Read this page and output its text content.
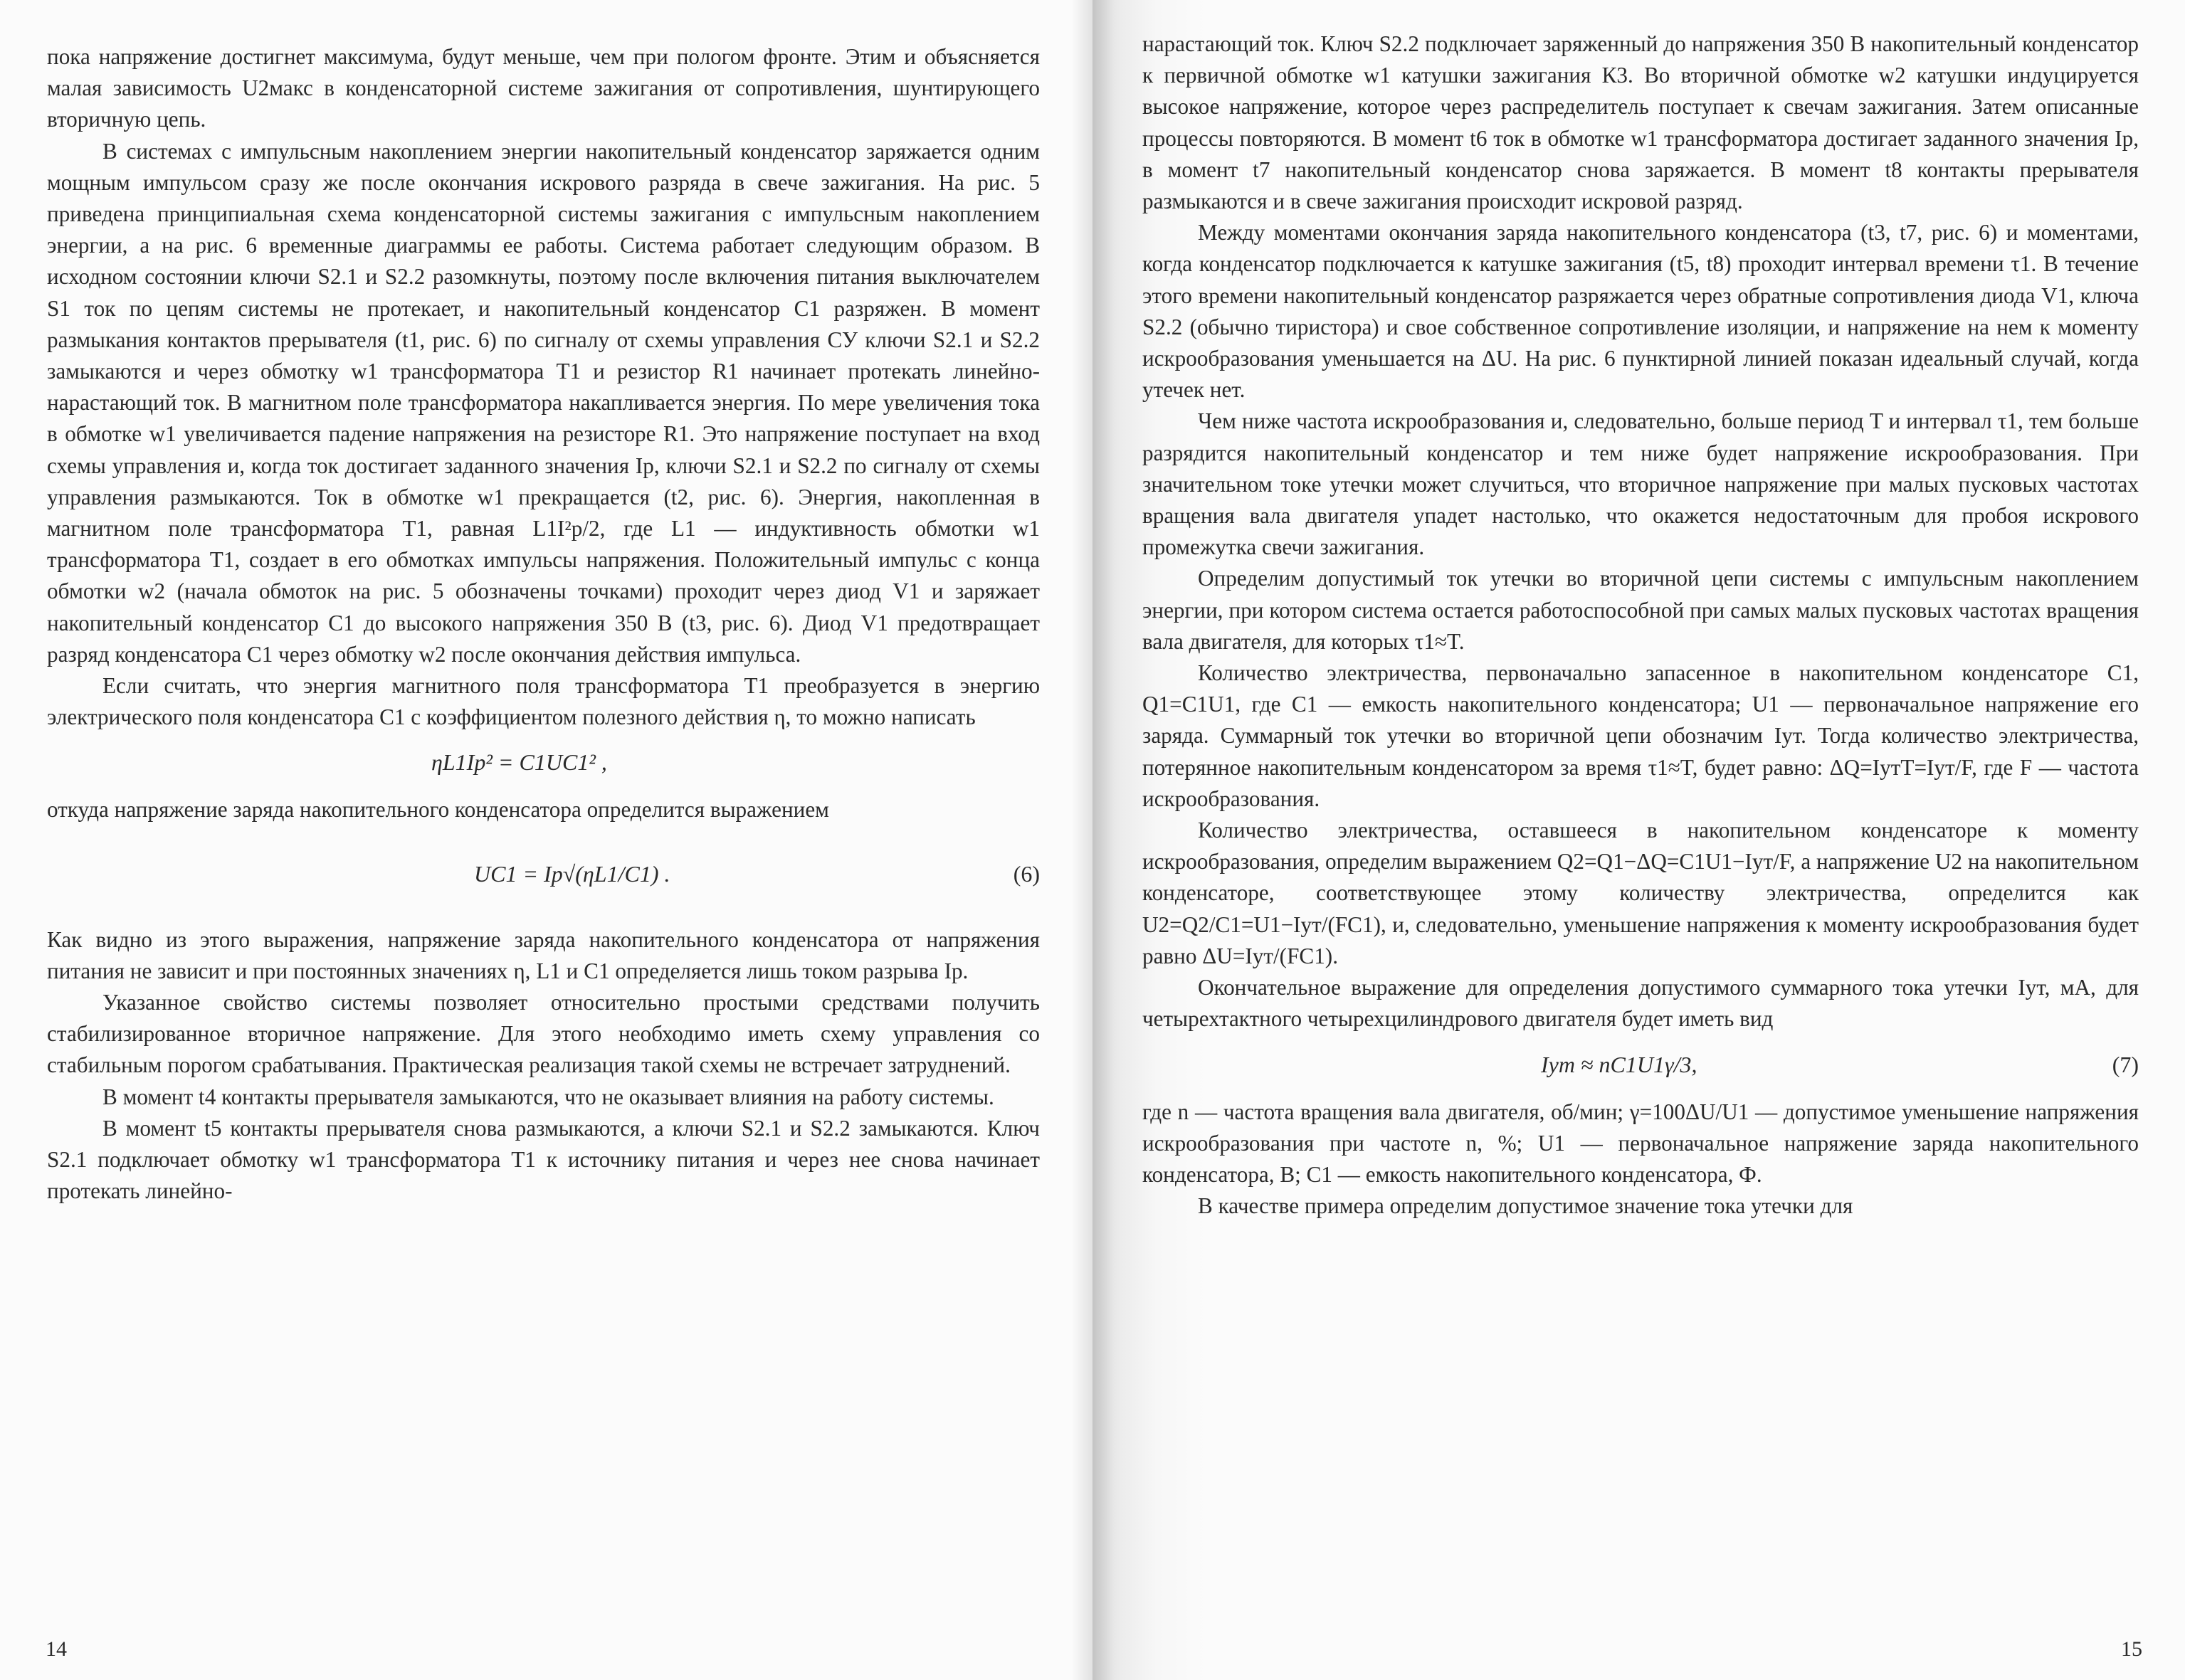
пока напряжение достигнет максимума, будут меньше, чем при пологом фронте. Этим и объясняется малая зависимость U2макс в конденсаторной системе зажигания от сопротивления, шунтирующего вторичную цепь.

В системах с импульсным накоплением энергии накопительный конденсатор заряжается одним мощным импульсом сразу же после окончания искрового разряда в свече зажигания. На рис. 5 приведена принципиальная схема конденсаторной системы зажигания с импульсным накоплением энергии, а на рис. 6 временные диаграммы ее работы. Система работает следующим образом. В исходном состоянии ключи S2.1 и S2.2 разомкнуты, поэтому после включения питания выключателем S1 ток по цепям системы не протекает, и накопительный конденсатор C1 разряжен. В момент размыкания контактов прерывателя (t1, рис. 6) по сигналу от схемы управления СУ ключи S2.1 и S2.2 замыкаются и через обмотку w1 трансформатора T1 и резистор R1 начинает протекать линейно-нарастающий ток. В магнитном поле трансформатора накапливается энергия. По мере увеличения тока в обмотке w1 увеличивается падение напряжения на резисторе R1. Это напряжение поступает на вход схемы управления и, когда ток достигает заданного значения Iр, ключи S2.1 и S2.2 по сигналу от схемы управления размыкаются. Ток в обмотке w1 прекращается (t2, рис. 6). Энергия, накопленная в магнитном поле трансформатора T1, равная L1I²р/2, где L1 — индуктивность обмотки w1 трансформатора T1, создает в его обмотках импульсы напряжения. Положительный импульс с конца обмотки w2 (начала обмоток на рис. 5 обозначены точками) проходит через диод V1 и заряжает накопительный конденсатор C1 до высокого напряжения 350 В (t3, рис. 6). Диод V1 предотвращает разряд конденсатора C1 через обмотку w2 после окончания действия импульса.

Если считать, что энергия магнитного поля трансформатора T1 преобразуется в энергию электрического поля конденсатора C1 с коэффициентом полезного действия η, то можно написать

ηL1Iр² = C1UC1² ,

откуда напряжение заряда накопительного конденсатора определится выражением

UC1 = Iр√(ηL1/C1) .	(6)

Как видно из этого выражения, напряжение заряда накопительного конденсатора от напряжения питания не зависит и при постоянных значениях η, L1 и C1 определяется лишь током разрыва Iр.

Указанное свойство системы позволяет относительно простыми средствами получить стабилизированное вторичное напряжение. Для этого необходимо иметь схему управления со стабильным порогом срабатывания. Практическая реализация такой схемы не встречает затруднений.

В момент t4 контакты прерывателя замыкаются, что не оказывает влияния на работу системы.

В момент t5 контакты прерывателя снова размыкаются, а ключи S2.1 и S2.2 замыкаются. Ключ S2.1 подключает обмотку w1 трансформатора T1 к источнику питания и через нее снова начинает протекать линейно-

14

нарастающий ток. Ключ S2.2 подключает заряженный до напряжения 350 В накопительный конденсатор к первичной обмотке w1 катушки зажигания К3. Во вторичной обмотке w2 катушки индуцируется высокое напряжение, которое через распределитель поступает к свечам зажигания. Затем описанные процессы повторяются. В момент t6 ток в обмотке w1 трансформатора достигает заданного значения Iр, в момент t7 накопительный конденсатор снова заряжается. В момент t8 контакты прерывателя размыкаются и в свече зажигания происходит искровой разряд.

Между моментами окончания заряда накопительного конденсатора (t3, t7, рис. 6) и моментами, когда конденсатор подключается к катушке зажигания (t5, t8) проходит интервал времени τ1. В течение этого времени накопительный конденсатор разряжается через обратные сопротивления диода V1, ключа S2.2 (обычно тиристора) и свое собственное сопротивление изоляции, и напряжение на нем к моменту искрообразования уменьшается на ΔU. На рис. 6 пунктирной линией показан идеальный случай, когда утечек нет.

Чем ниже частота искрообразования и, следовательно, больше период T и интервал τ1, тем больше разрядится накопительный конденсатор и тем ниже будет напряжение искрообразования. При значительном токе утечки может случиться, что вторичное напряжение при малых пусковых частотах вращения вала двигателя упадет настолько, что окажется недостаточным для пробоя искрового промежутка свечи зажигания.

Определим допустимый ток утечки во вторичной цепи системы с импульсным накоплением энергии, при котором система остается работоспособной при самых малых пусковых частотах вращения вала двигателя, для которых τ1≈T.

Количество электричества, первоначально запасенное в накопительном конденсаторе C1, Q1=C1U1, где C1 — емкость накопительного конденсатора; U1 — первоначальное напряжение его заряда. Суммарный ток утечки во вторичной цепи обозначим Iут. Тогда количество электричества, потерянное накопительным конденсатором за время τ1≈T, будет равно: ΔQ=IутT=Iут/F, где F — частота искрообразования.

Количество электричества, оставшееся в накопительном конденсаторе к моменту искрообразования, определим выражением Q2=Q1−ΔQ=C1U1−Iут/F, а напряжение U2 на накопительном конденсаторе, соответствующее этому количеству электричества, определится как U2=Q2/C1=U1−Iут/(FC1), и, следовательно, уменьшение напряжения к моменту искрообразования будет равно ΔU=Iут/(FC1).

Окончательное выражение для определения допустимого суммарного тока утечки Iут, мА, для четырехтактного четырехцилиндрового двигателя будет иметь вид

Iут ≈ nC1U1γ/3,	(7)

где n — частота вращения вала двигателя, об/мин; γ=100ΔU/U1 — допустимое уменьшение напряжения искрообразования при частоте n, %; U1 — первоначальное напряжение заряда накопительного конденсатора, В; C1 — емкость накопительного конденсатора, Ф.

В качестве примера определим допустимое значение тока утечки для

15
